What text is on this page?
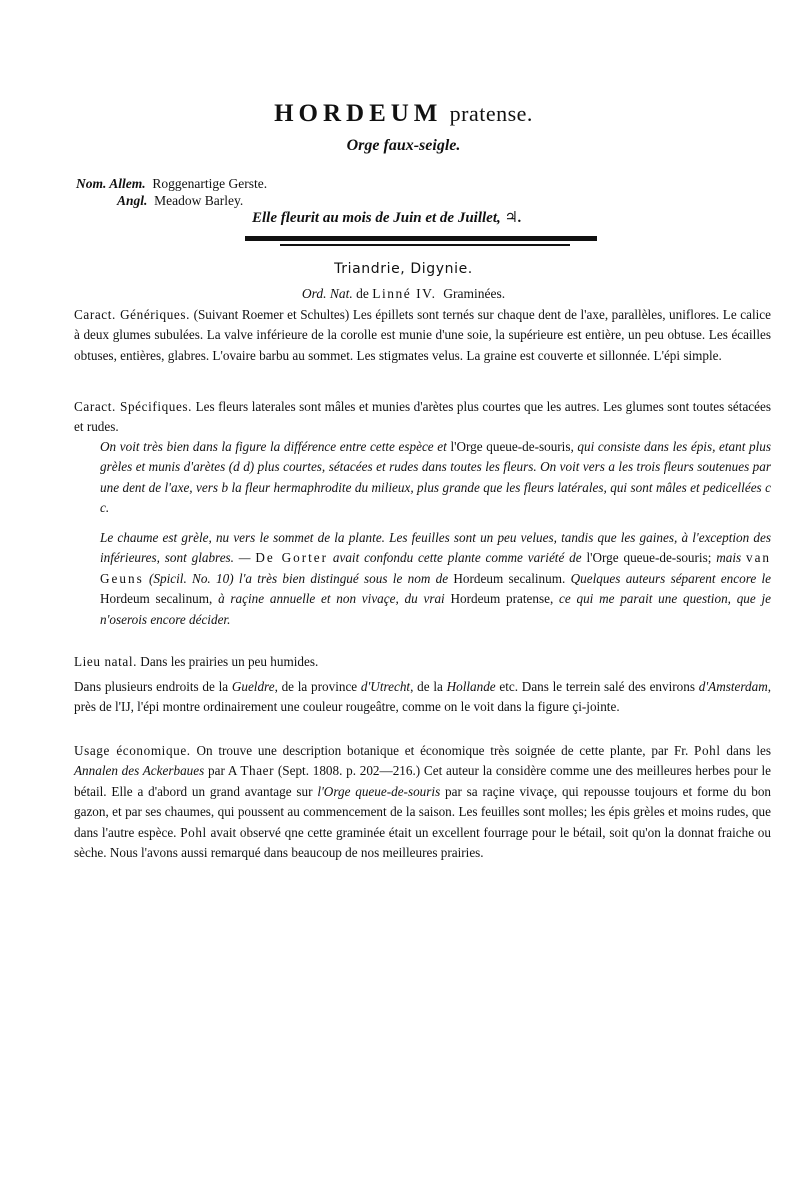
HORDEUM pratense.
Orge faux-seigle.
Nom. Allem. Roggenartige Gerste.
Angl. Meadow Barley.
Elle fleurit au mois de Juin et de Juillet, ♃.
Triandrie, Digynie.
Ord. Nat. de Linné IV. Graminées.
Caract. Génériques. (Suivant Roemer et Schultes) Les épillets sont ternés sur chaque dent de l'axe, parallèles, uniflores. Le calice à deux glumes subulées. La valve inférieure de la corolle est munie d'une soie, la supérieure est entière, un peu obtuse. Les écailles obtuses, entières, glabres. L'ovaire barbu au sommet. Les stigmates velus. La graine est couverte et sillonnée. L'épi simple.
Caract. Spécifiques. Les fleurs laterales sont mâles et munies d'arètes plus courtes que les autres. Les glumes sont toutes sétacées et rudes.
On voit très bien dans la figure la différence entre cette espèce et l'Orge queue-de-souris, qui consiste dans les épis, etant plus grèles et munis d'arètes (d d) plus courtes, sétacées et rudes dans toutes les fleurs. On voit vers a les trois fleurs soutenues par une dent de l'axe, vers b la fleur hermaphrodite du milieux, plus grande que les fleurs latérales, qui sont mâles et pedicellées c c.
Le chaume est grèle, nu vers le sommet de la plante. Les feuilles sont un peu velues, tandis que les gaines, à l'exception des inférieures, sont glabres. — De Gorter avait confondu cette plante comme variété de l'Orge queue-de-souris; mais van Geuns (Spicil. No. 10) l'a très bien distingué sous le nom de Hordeum secalinum. Quelques auteurs séparent encore le Hordeum secalinum, à raçine annuelle et non vivaçe, du vrai Hordeum pratense, ce qui me parait une question, que je n'oserois encore décider.
Lieu natal. Dans les prairies un peu humides.
Dans plusieurs endroits de la Gueldre, de la province d'Utrecht, de la Hollande etc. Dans le terrein salé des environs d'Amsterdam, près de l'IJ, l'épi montre ordinairement une couleur rougeâtre, comme on le voit dans la figure çi-jointe.
Usage économique. On trouve une description botanique et économique très soignée de cette plante, par Fr. Pohl dans les Annalen des Ackerbaues par A Thaer (Sept. 1808. p. 202—216.) Cet auteur la considère comme une des meilleures herbes pour le bétail. Elle a d'abord un grand avantage sur l'Orge queue-de-souris par sa raçine vivaçe, qui repousse toujours et forme du bon gazon, et par ses chaumes, qui poussent au commencement de la saison. Les feuilles sont molles; les épis grèles et moins rudes, que dans l'autre espèce. Pohl avait observé qne cette graminée était un excellent fourrage pour le bétail, soit qu'on la donnat fraiche ou sèche. Nous l'avons aussi remarqué dans beaucoup de nos meilleures prairies.
